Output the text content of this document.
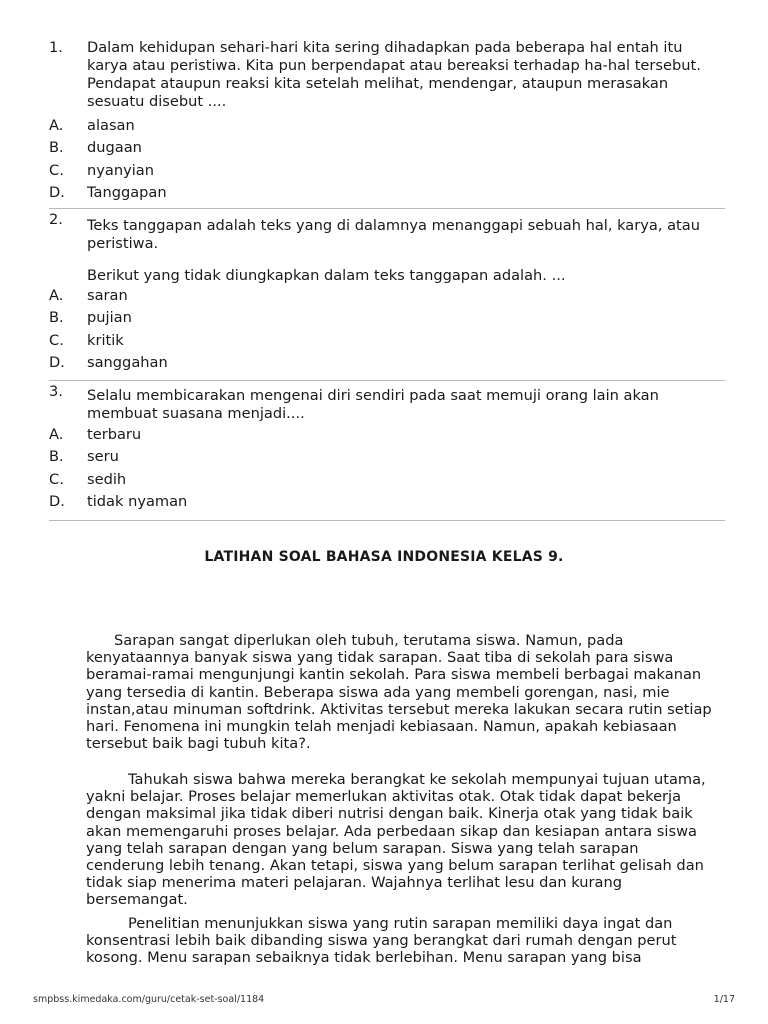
1.	Dalam kehidupan sehari-hari kita sering dihadapkan pada beberapa hal entah itu karya atau peristiwa. Kita pun berpendapat atau bereaksi terhadap ha-hal tersebut. Pendapat ataupun reaksi kita setelah melihat, mendengar, ataupun merasakan sesuatu disebut ....
A.	alasan
B.	dugaan
C.	nyanyian
D.	Tanggapan
2.	Teks tanggapan adalah teks yang di dalamnya menanggapi sebuah hal, karya, atau peristiwa.
Berikut yang tidak diungkapkan dalam teks tanggapan adalah. ...
A.	saran
B.	pujian
C.	kritik
D.	sanggahan
3.	Selalu membicarakan mengenai diri sendiri pada saat memuji orang lain akan membuat suasana menjadi....
A.	terbaru
B.	seru
C.	sedih
D.	tidak nyaman
LATIHAN SOAL BAHASA INDONESIA KELAS 9.
Sarapan sangat diperlukan oleh tubuh, terutama siswa. Namun, pada kenyataannya banyak siswa yang tidak sarapan. Saat tiba di sekolah para siswa beramai-ramai mengunjungi kantin sekolah. Para siswa membeli berbagai makanan yang tersedia di kantin. Beberapa siswa ada yang membeli gorengan, nasi, mie instan,atau minuman softdrink. Aktivitas tersebut mereka lakukan secara rutin setiap hari. Fenomena ini mungkin telah menjadi kebiasaan. Namun, apakah kebiasaan tersebut baik bagi tubuh kita?.
Tahukah siswa bahwa mereka berangkat ke sekolah mempunyai tujuan utama, yakni belajar. Proses belajar memerlukan aktivitas otak. Otak tidak dapat bekerja dengan maksimal jika tidak diberi nutrisi dengan baik. Kinerja otak yang tidak baik akan memengaruhi proses belajar. Ada perbedaan sikap dan kesiapan antara siswa yang telah sarapan dengan yang belum sarapan. Siswa yang telah sarapan cenderung lebih tenang. Akan tetapi, siswa yang belum sarapan terlihat gelisah dan tidak siap menerima materi pelajaran. Wajahnya terlihat lesu dan kurang bersemangat.
Penelitian menunjukkan siswa yang rutin sarapan memiliki daya ingat dan konsentrasi lebih baik dibanding siswa yang berangkat dari rumah dengan perut kosong. Menu sarapan sebaiknya tidak berlebihan. Menu sarapan yang bisa
smpbss.kimedaka.com/guru/cetak-set-soal/1184	1/17
